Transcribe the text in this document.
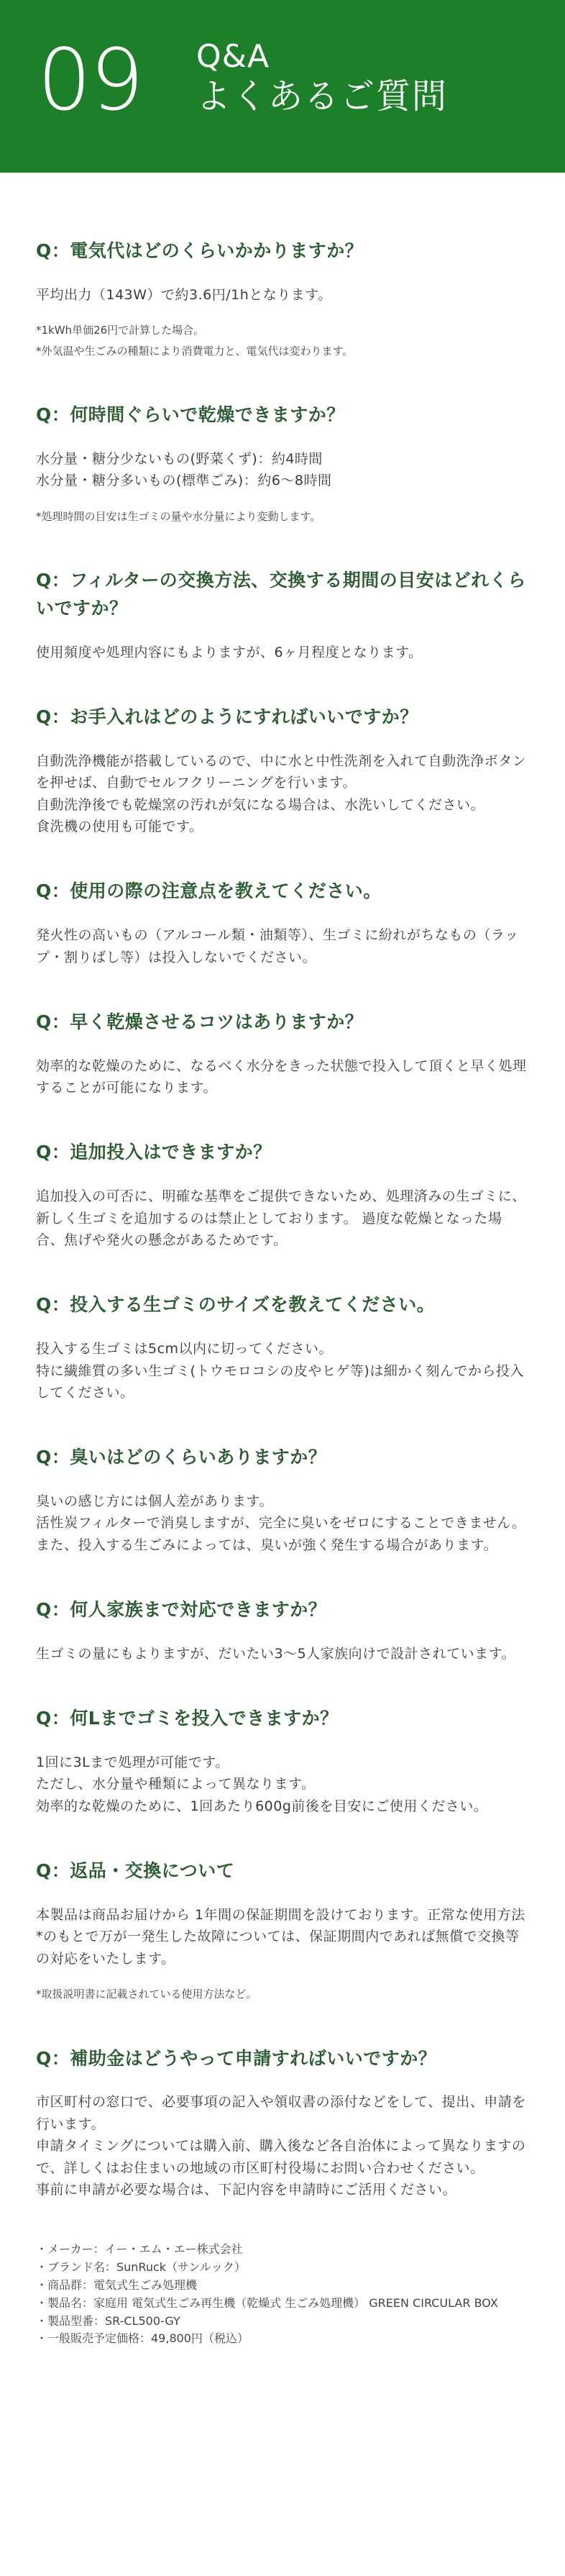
09 Q&A
よくあるご質問
Q：電気代はどのくらいかかりますか？
平均出力（143W）で約3.6円/1hとなります。
*1kWh単価26円で計算した場合。
*外気温や生ごみの種類により消費電力と、電気代は変わります。
Q：何時間ぐらいで乾燥できますか？
水分量・糖分少ないもの(野菜くず)：約4時間
水分量・糖分多いもの(標準ごみ)：約6〜8時間
*処理時間の目安は生ゴミの量や水分量により変動します。
Q：フィルターの交換方法、交換する期間の目安はどれくらいですか？
使用頻度や処理内容にもよりますが、6ヶ月程度となります。
Q：お手入れはどのようにすればいいですか？
自動洗浄機能が搭載しているので、中に水と中性洗剤を入れて自動洗浄ボタンを押せば、自動でセルフクリーニングを行います。
自動洗浄後でも乾燥窯の汚れが気になる場合は、水洗いしてください。
食洗機の使用も可能です。
Q：使用の際の注意点を教えてください。
発火性の高いもの（アルコール類・油類等）、生ゴミに紛れがちなもの（ラップ・割りばし等）は投入しないでください。
Q：早く乾燥させるコツはありますか？
効率的な乾燥のために、なるべく水分をきった状態で投入して頂くと早く処理することが可能になります。
Q：追加投入はできますか？
追加投入の可否に、明確な基準をご提供できないため、処理済みの生ゴミに、新しく生ゴミを追加するのは禁止としております。 過度な乾燥となった場合、焦げや発火の懸念があるためです。
Q：投入する生ゴミのサイズを教えてください。
投入する生ゴミは5cm以内に切ってください。
特に繊維質の多い生ゴミ(トウモロコシの皮やヒゲ等)は細かく刻んでから投入してください。
Q：臭いはどのくらいありますか？
臭いの感じ方には個人差があります。
活性炭フィルターで消臭しますが、完全に臭いをゼロにすることできません。また、投入する生ごみによっては、臭いが強く発生する場合があります。
Q：何人家族まで対応できますか？
生ゴミの量にもよりますが、だいたい3〜5人家族向けで設計されています。
Q：何Lまでゴミを投入できますか？
1回に3Lまで処理が可能です。
ただし、水分量や種類によって異なります。
効率的な乾燥のために、1回あたり600g前後を目安にご使用ください。
Q：返品・交換について
本製品は商品お届けから 1年間の保証期間を設けております。正常な使用方法*のもとで万が一発生した故障については、保証期間内であれば無償で交換等の対応をいたします。
*取扱説明書に記載されている使用方法など。
Q：補助金はどうやって申請すればいいですか？
市区町村の窓口で、必要事項の記入や領収書の添付などをして、提出、申請を行います。
申請タイミングについては購入前、購入後など各自治体によって異なりますので、詳しくはお住まいの地域の市区町村役場にお問い合わせください。
事前に申請が必要な場合は、下記内容を申請時にご活用ください。
・メーカー：イー・エム・エー株式会社
・ブランド名：SunRuck（サンルック）
・商品群：電気式生ごみ処理機
・製品名：家庭用 電気式生ごみ再生機（乾燥式 生ごみ処理機） GREEN CIRCULAR BOX
・製品型番：SR-CL500-GY
・一般販売予定価格：49,800円（税込）
